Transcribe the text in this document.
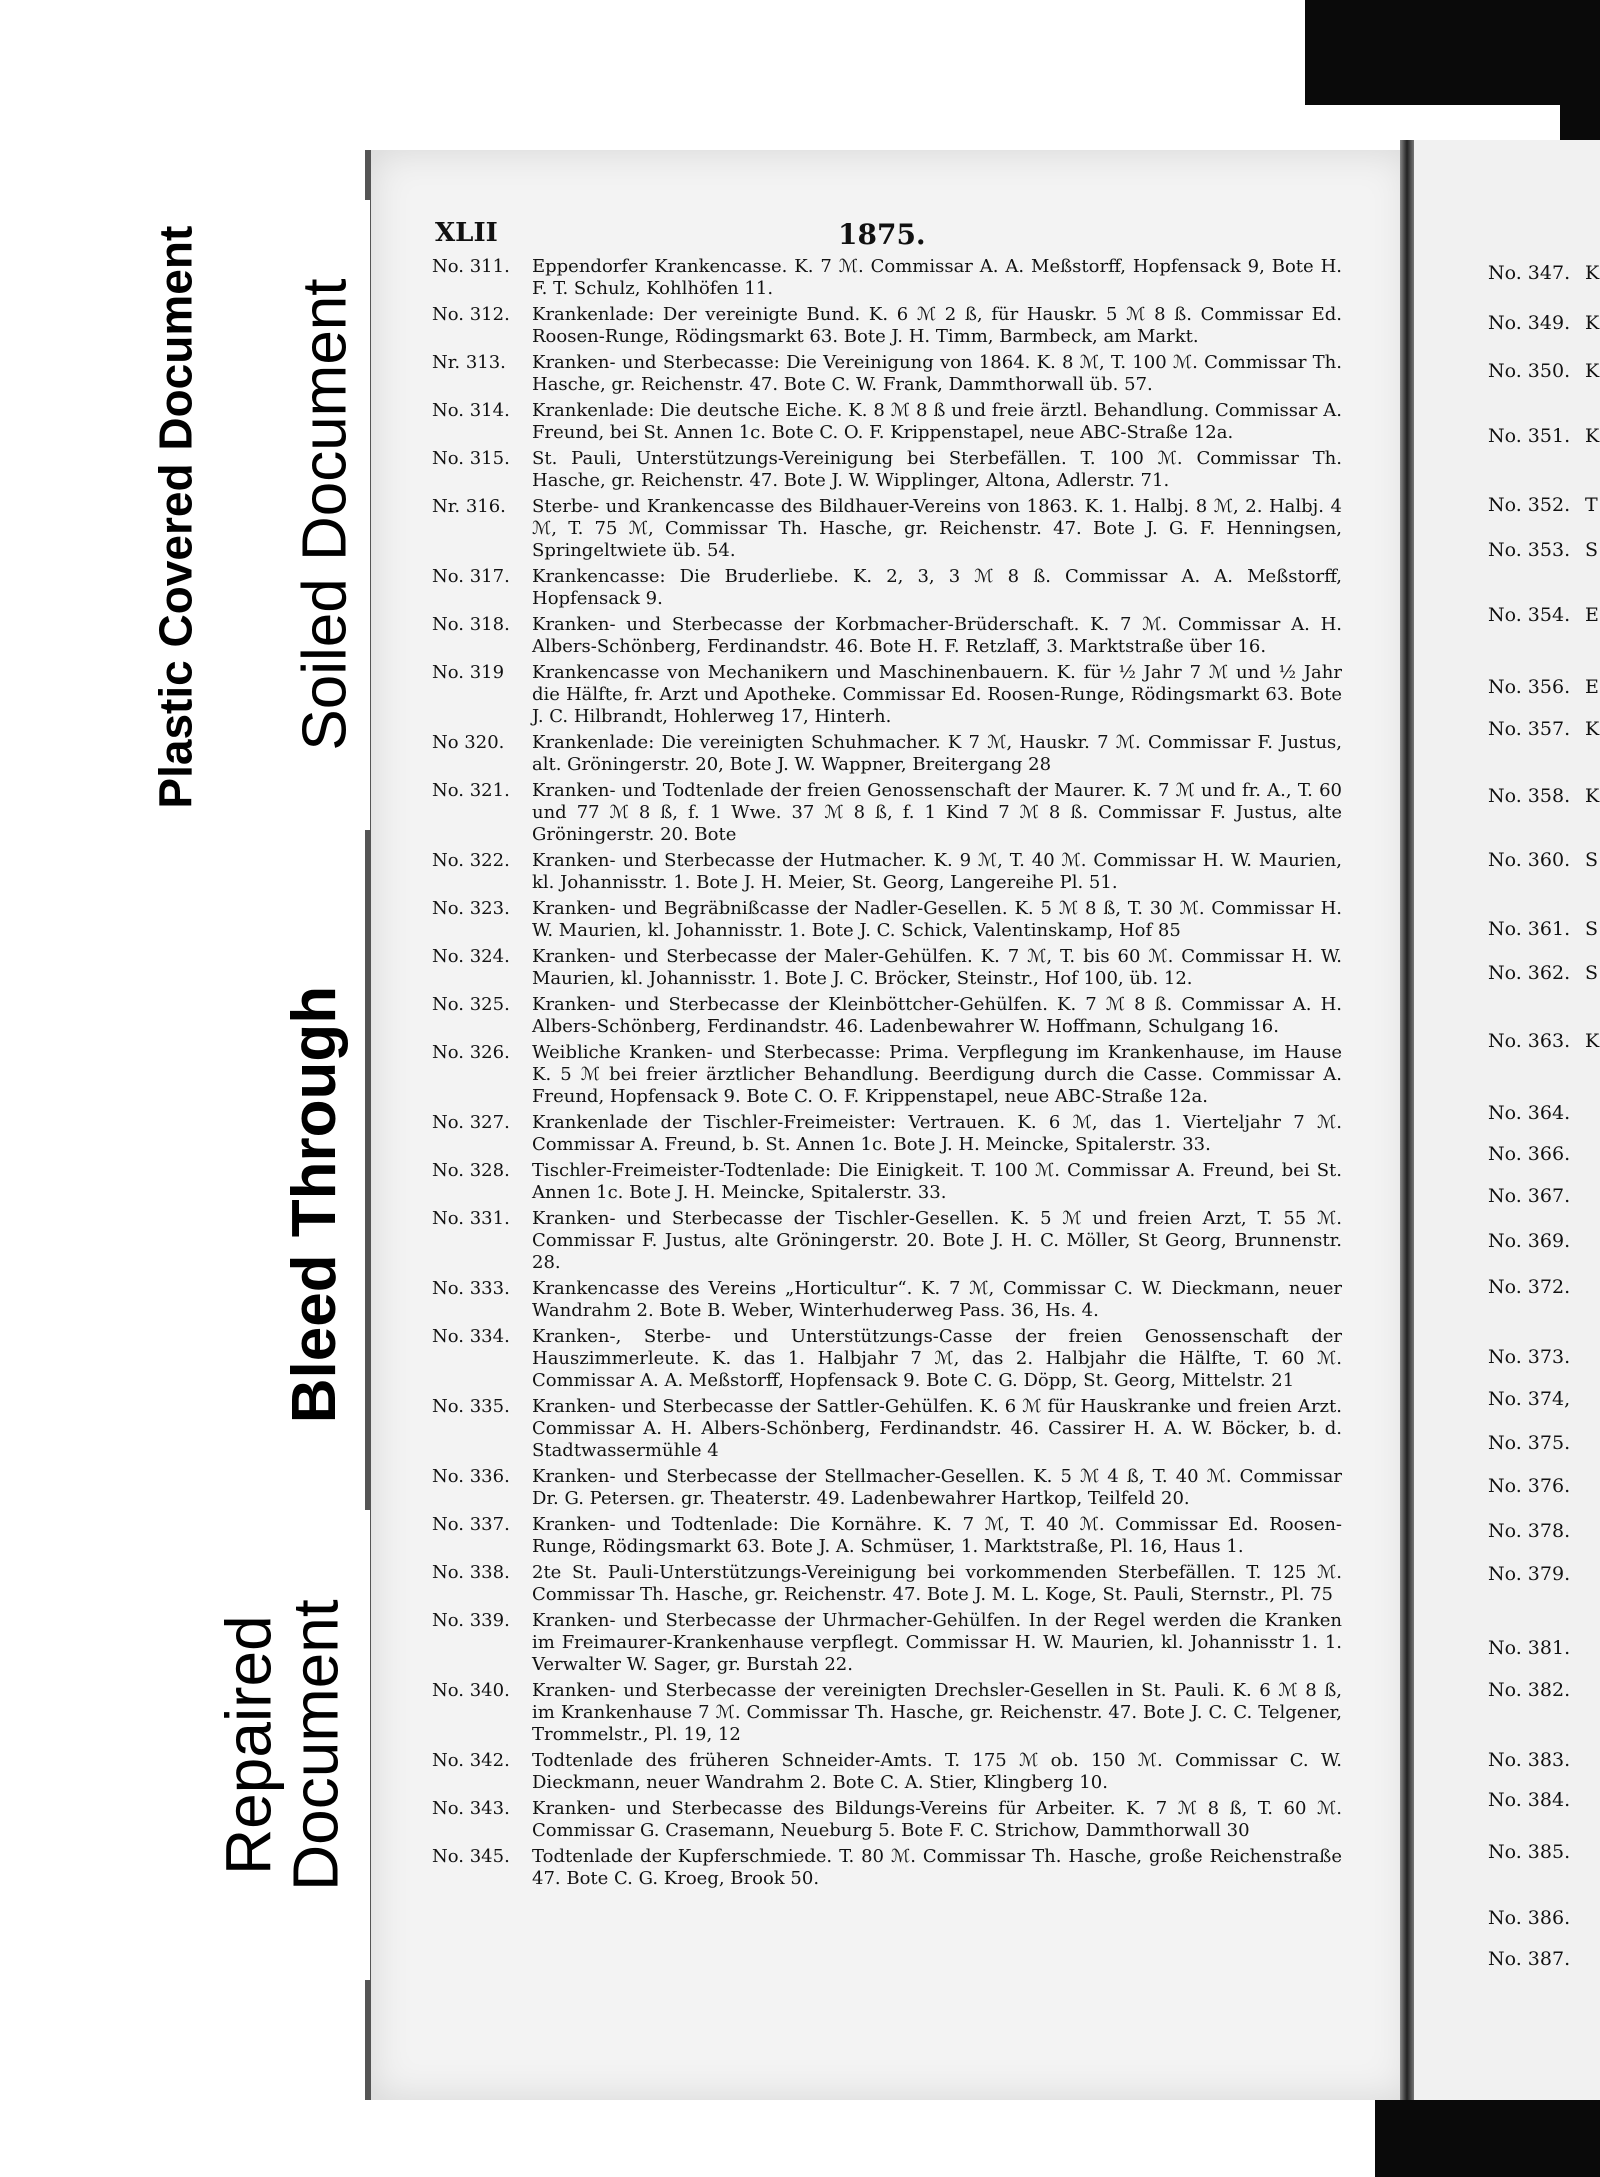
Plastic Covered Document Soiled Document
Bleed Through
Repaired
Document
XLII	1875.
No. 311.	Eppendorfer Krankencasse. K. 7 ℳ. Commissar A. A. Meßstorff, Hopfensack 9, Bote H. F. T. Schulz, Kohlhöfen 11.
No. 312.	Krankenlade: Der vereinigte Bund. K. 6 ℳ 2 ß, für Hauskr. 5 ℳ 8 ß. Commissar Ed. Roosen-Runge, Rödingsmarkt 63. Bote J. H. Timm, Barmbeck, am Markt.
Nr. 313.	Kranken- und Sterbecasse: Die Vereinigung von 1864. K. 8 ℳ, T. 100 ℳ. Commissar Th. Hasche, gr. Reichenstr. 47. Bote C. W. Frank, Dammthorwall üb. 57.
No. 314.	Krankenlade: Die deutsche Eiche. K. 8 ℳ 8 ß und freie ärztl. Behandlung. Commissar A. Freund, bei St. Annen 1c. Bote C. O. F. Krippenstapel, neue ABC-Straße 12a.
No. 315.	St. Pauli, Unterstützungs-Vereinigung bei Sterbefällen. T. 100 ℳ. Commissar Th. Hasche, gr. Reichenstr. 47. Bote J. W. Wipplinger, Altona, Adlerstr. 71.
Nr. 316.	Sterbe- und Krankencasse des Bildhauer-Vereins von 1863. K. 1. Halbj. 8 ℳ, 2. Halbj. 4 ℳ, T. 75 ℳ, Commissar Th. Hasche, gr. Reichenstr. 47. Bote J. G. F. Henningsen, Springeltwiete üb. 54.
No. 317.	Krankencasse: Die Bruderliebe. K. 2, 3, 3 ℳ 8 ß. Commissar A. A. Meßstorff, Hopfensack 9.
No. 318.	Kranken- und Sterbecasse der Korbmacher-Brüderschaft. K. 7 ℳ. Commissar A. H. Albers-Schönberg, Ferdinandstr. 46. Bote H. F. Retzlaff, 3. Marktstraße über 16.
No. 319	Krankencasse von Mechanikern und Maschinenbauern. K. für ½ Jahr 7 ℳ und ½ Jahr die Hälfte, fr. Arzt und Apotheke. Commissar Ed. Roosen-Runge, Rödingsmarkt 63. Bote J. C. Hilbrandt, Hohlerweg 17, Hinterh.
No 320.	Krankenlade: Die vereinigten Schuhmacher. K 7 ℳ, Hauskr. 7 ℳ. Commissar F. Justus, alt. Gröningerstr. 20, Bote J. W. Wappner, Breitergang 28
No. 321.	Kranken- und Todtenlade der freien Genossenschaft der Maurer. K. 7 ℳ und fr. A., T. 60 und 77 ℳ 8 ß, f. 1 Wwe. 37 ℳ 8 ß, f. 1 Kind 7 ℳ 8 ß. Commissar F. Justus, alte Gröningerstr. 20. Bote
No. 322.	Kranken- und Sterbecasse der Hutmacher. K. 9 ℳ, T. 40 ℳ. Commissar H. W. Maurien, kl. Johannisstr. 1. Bote J. H. Meier, St. Georg, Langereihe Pl. 51.
No. 323.	Kranken- und Begräbnißcasse der Nadler-Gesellen. K. 5 ℳ 8 ß, T. 30 ℳ. Commissar H. W. Maurien, kl. Johannisstr. 1. Bote J. C. Schick, Valentinskamp, Hof 85
No. 324.	Kranken- und Sterbecasse der Maler-Gehülfen. K. 7 ℳ, T. bis 60 ℳ. Commissar H. W. Maurien, kl. Johannisstr. 1. Bote J. C. Bröcker, Steinstr., Hof 100, üb. 12.
No. 325.	Kranken- und Sterbecasse der Kleinböttcher-Gehülfen. K. 7 ℳ 8 ß. Commissar A. H. Albers-Schönberg, Ferdinandstr. 46. Ladenbewahrer W. Hoffmann, Schulgang 16.
No. 326.	Weibliche Kranken- und Sterbecasse: Prima. Verpflegung im Krankenhause, im Hause K. 5 ℳ bei freier ärztlicher Behandlung. Beerdigung durch die Casse. Commissar A. Freund, Hopfensack 9. Bote C. O. F. Krippenstapel, neue ABC-Straße 12a.
No. 327.	Krankenlade der Tischler-Freimeister: Vertrauen. K. 6 ℳ, das 1. Vierteljahr 7 ℳ. Commissar A. Freund, b. St. Annen 1c. Bote J. H. Meincke, Spitalerstr. 33.
No. 328.	Tischler-Freimeister-Todtenlade: Die Einigkeit. T. 100 ℳ. Commissar A. Freund, bei St. Annen 1c. Bote J. H. Meincke, Spitalerstr. 33.
No. 331.	Kranken- und Sterbecasse der Tischler-Gesellen. K. 5 ℳ und freien Arzt, T. 55 ℳ. Commissar F. Justus, alte Gröningerstr. 20. Bote J. H. C. Möller, St Georg, Brunnenstr. 28.
No. 333.	Krankencasse des Vereins „Horticultur“. K. 7 ℳ, Commissar C. W. Dieckmann, neuer Wandrahm 2. Bote B. Weber, Winterhuderweg Pass. 36, Hs. 4.
No. 334.	Kranken-, Sterbe- und Unterstützungs-Casse der freien Genossenschaft der Hauszimmerleute. K. das 1. Halbjahr 7 ℳ, das 2. Halbjahr die Hälfte, T. 60 ℳ. Commissar A. A. Meßstorff, Hopfensack 9. Bote C. G. Döpp, St. Georg, Mittelstr. 21
No. 335.	Kranken- und Sterbecasse der Sattler-Gehülfen. K. 6 ℳ für Hauskranke und freien Arzt. Commissar A. H. Albers-Schönberg, Ferdinandstr. 46. Cassirer H. A. W. Böcker, b. d. Stadtwassermühle 4
No. 336.	Kranken- und Sterbecasse der Stellmacher-Gesellen. K. 5 ℳ 4 ß, T. 40 ℳ. Commissar Dr. G. Petersen. gr. Theaterstr. 49. Ladenbewahrer Hartkop, Teilfeld 20.
No. 337.	Kranken- und Todtenlade: Die Kornähre. K. 7 ℳ, T. 40 ℳ. Commissar Ed. Roosen-Runge, Rödingsmarkt 63. Bote J. A. Schmüser, 1. Marktstraße, Pl. 16, Haus 1.
No. 338.	2te St. Pauli-Unterstützungs-Vereinigung bei vorkommenden Sterbefällen. T. 125 ℳ. Commissar Th. Hasche, gr. Reichenstr. 47. Bote J. M. L. Koge, St. Pauli, Sternstr., Pl. 75
No. 339.	Kranken- und Sterbecasse der Uhrmacher-Gehülfen. In der Regel werden die Kranken im Freimaurer-Krankenhause verpflegt. Commissar H. W. Maurien, kl. Johannisstr 1. 1. Verwalter W. Sager, gr. Burstah 22.
No. 340.	Kranken- und Sterbecasse der vereinigten Drechsler-Gesellen in St. Pauli. K. 6 ℳ 8 ß, im Krankenhause 7 ℳ. Commissar Th. Hasche, gr. Reichenstr. 47. Bote J. C. C. Telgener, Trommelstr., Pl. 19, 12
No. 342.	Todtenlade des früheren Schneider-Amts. T. 175 ℳ ob. 150 ℳ. Commissar C. W. Dieckmann, neuer Wandrahm 2. Bote C. A. Stier, Klingberg 10.
No. 343.	Kranken- und Sterbecasse des Bildungs-Vereins für Arbeiter. K. 7 ℳ 8 ß, T. 60 ℳ. Commissar G. Crasemann, Neueburg 5. Bote F. C. Strichow, Dammthorwall 30
No. 345.	Todtenlade der Kupferschmiede. T. 80 ℳ. Commissar Th. Hasche, große Reichenstraße 47. Bote C. G. Kroeg, Brook 50.
No. 347. K
No. 349. K
No. 350. K
No. 351. K
No. 352. T
No. 353. S
No. 354. E
No. 356. E
No. 357. K
No. 358. K
No. 360. S
No. 361. S
No. 362. S
No. 363. K
No. 364.
No. 366.
No. 367.
No. 369.
No. 372.
No. 373.
No. 374,
No. 375.
No. 376.
No. 378.
No. 379.
No. 381.
No. 382.
No. 383.
No. 384.
No. 385.
No. 386.
No. 387.
